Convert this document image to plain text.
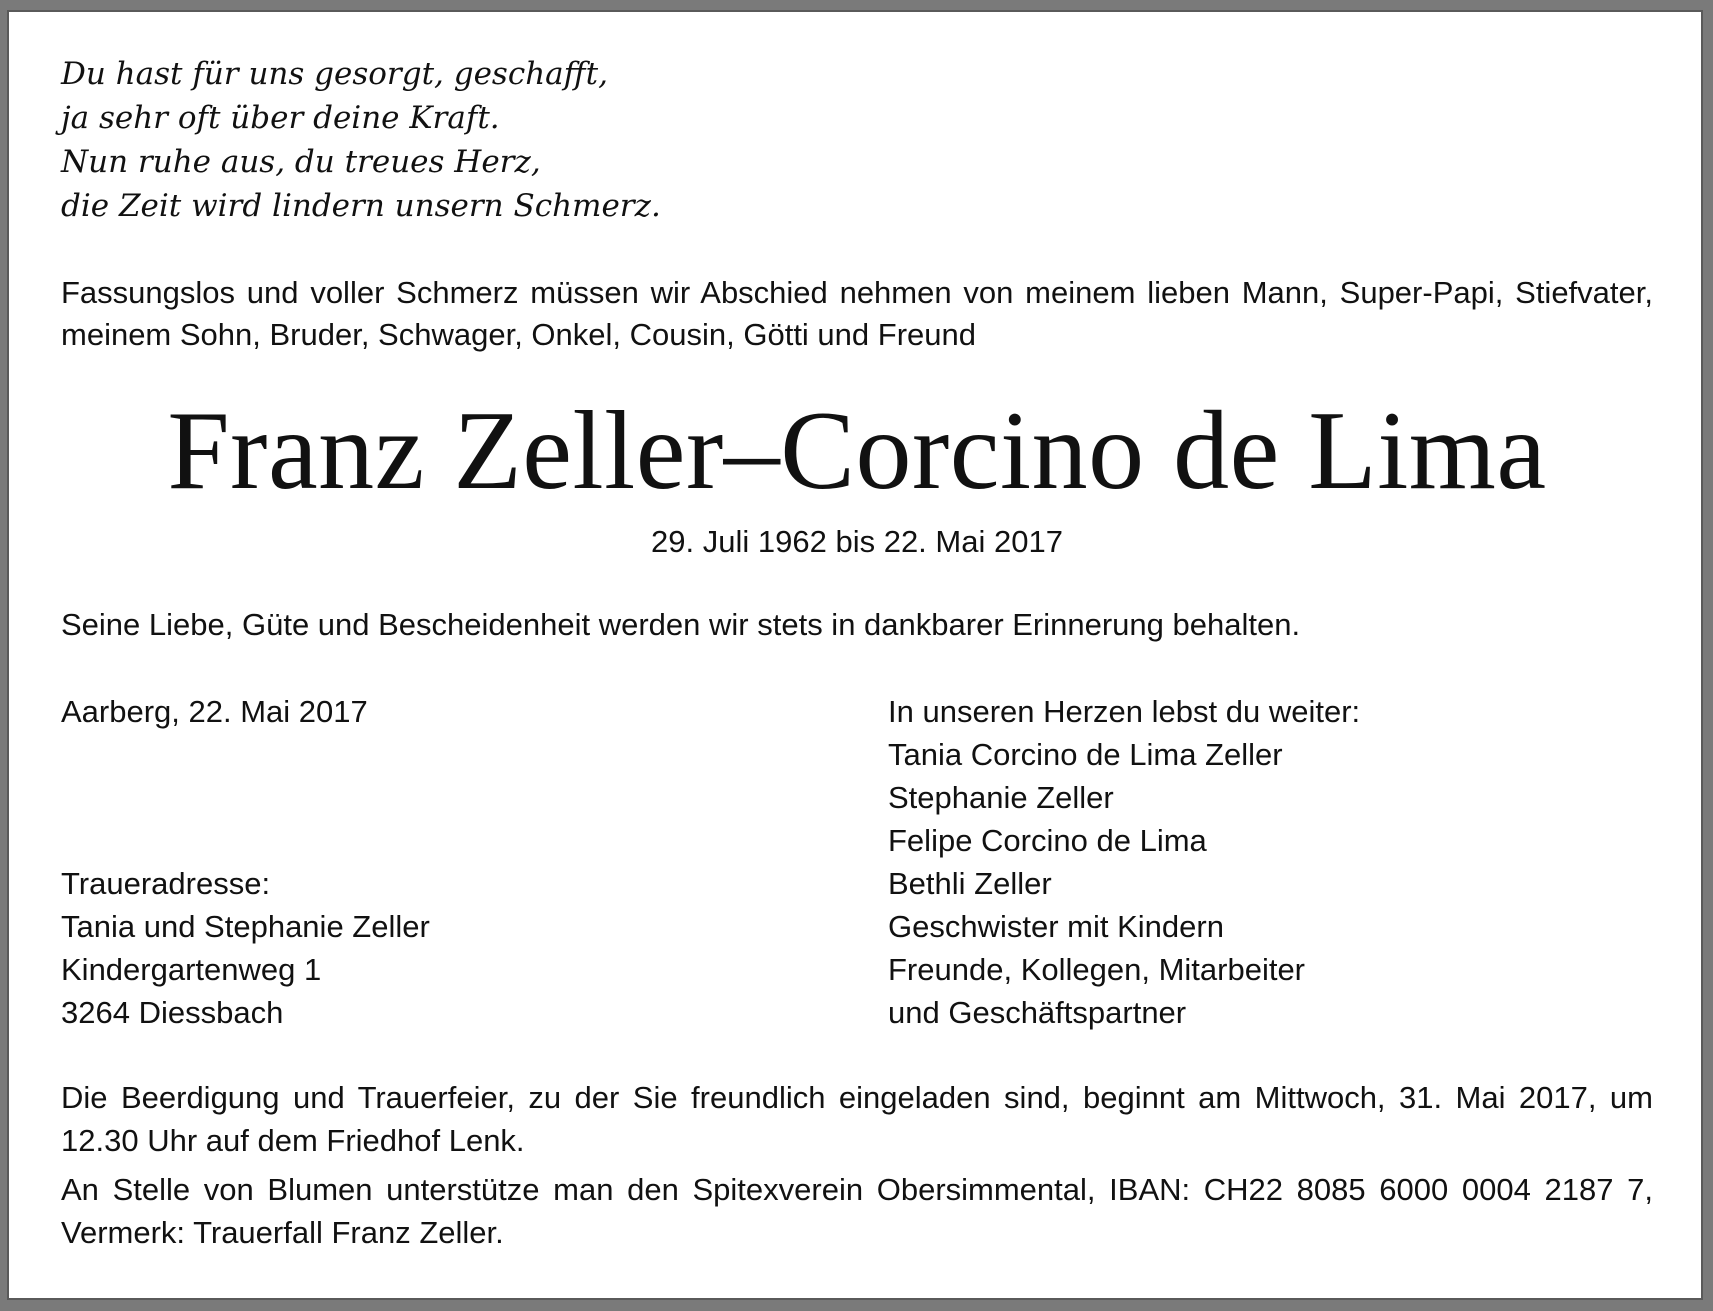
Du hast für uns gesorgt, geschafft,
ja sehr oft über deine Kraft.
Nun ruhe aus, du treues Herz,
die Zeit wird lindern unsern Schmerz.
Fassungslos und voller Schmerz müssen wir Abschied nehmen von meinem lieben Mann, Super-Papi, Stiefvater, meinem Sohn, Bruder, Schwager, Onkel, Cousin, Götti und Freund
Franz Zeller–Corcino de Lima
29. Juli 1962 bis 22. Mai 2017
Seine Liebe, Güte und Bescheidenheit werden wir stets in dankbarer Erinnerung behalten.
Aarberg, 22. Mai 2017
Traueradresse:
Tania und Stephanie Zeller
Kindergartenweg 1
3264 Diessbach
In unseren Herzen lebst du weiter:
Tania Corcino de Lima Zeller
Stephanie Zeller
Felipe Corcino de Lima
Bethli Zeller
Geschwister mit Kindern
Freunde, Kollegen, Mitarbeiter
und Geschäftspartner
Die Beerdigung und Trauerfeier, zu der Sie freundlich eingeladen sind, beginnt am Mittwoch, 31. Mai 2017, um 12.30 Uhr auf dem Friedhof Lenk.
An Stelle von Blumen unterstütze man den Spitexverein Obersimmental, IBAN: CH22 8085 6000 0004 2187 7, Vermerk: Trauerfall Franz Zeller.
